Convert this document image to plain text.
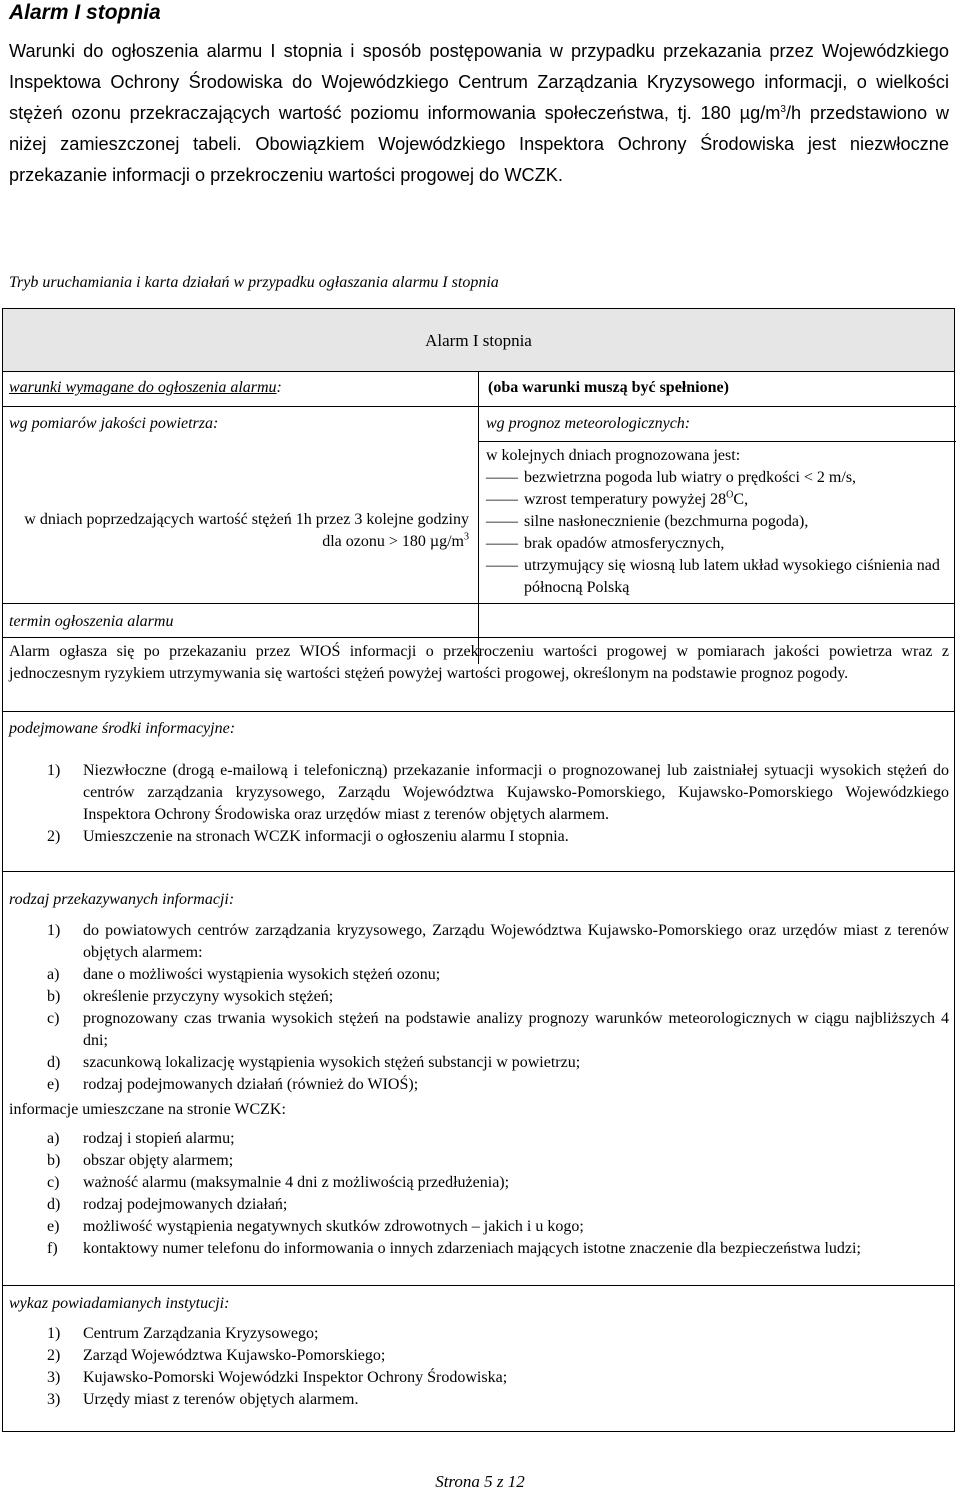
Alarm I stopnia

Warunki do ogłoszenia alarmu I stopnia i sposób postępowania w przypadku przekazania przez Wojewódzkiego Inspektowa Ochrony Środowiska do Wojewódzkiego Centrum Zarządzania Kryzysowego informacji, o wielkości stężeń ozonu przekraczających wartość poziomu informowania społeczeństwa, tj. 180 $\mu g/m^3/h$ przedstawiono w niżej zamieszczonej tabeli. Obowiązkiem Wojewódzkiego Inspektora Ochrony Środowiska jest niezwłoczne przekazanie informacji o przekroczeniu wartości progowej do WCZK.

Tryb uruchamiania i karta działań w przypadku ogłaszania alarmu I stopnia

Alarm I stopnia

warunki wymagane do ogłoszenia alarmu:	(oba warunki muszą być spełnione)

wg pomiarów jakości powietrza:

w dniach poprzedzających wartość stężeń 1h przez 3 kolejne godziny dla ozonu > 180 $\mu g/m^3$

wg prognoz meteorologicznych:

w kolejnych dniach prognozowana jest:

—— bezwietrzna pogoda lub wiatry o prędkości < 2 m/s,
—— wzrost temperatury powyżej $28^OC$,
—— silne nasłonecznienie (bezchmurna pogoda),
—— brak opadów atmosferycznych,
—— utrzymujący się wiosną lub latem układ wysokiego ciśnienia nad północną Polską

termin ogłoszenia alarmu

Alarm ogłasza się po przekazaniu przez WIOŚ informacji o przekroczeniu wartości progowej w pomiarach jakości powietrza wraz z jednoczesnym ryzykiem utrzymywania się wartości stężeń powyżej wartości progowej, określonym na podstawie prognoz pogody.

podejmowane środki informacyjne:

1) Niezwłoczne (drogą e-mailową i telefoniczną) przekazanie informacji o prognozowanej lub zaistniałej sytuacji wysokich stężeń do centrów zarządzania kryzysowego, Zarządu Województwa Kujawsko-Pomorskiego, Kujawsko-Pomorskiego Wojewódzkiego Inspektora Ochrony Środowiska oraz urzędów miast z terenów objętych alarmem.
2) Umieszczenie na stronach WCZK informacji o ogłoszeniu alarmu I stopnia.

rodzaj przekazywanych informacji:

1) do powiatowych centrów zarządzania kryzysowego, Zarządu Województwa Kujawsko-Pomorskiego oraz urzędów miast z terenów objętych alarmem:
a) dane o możliwości wystąpienia wysokich stężeń ozonu;
b) określenie przyczyny wysokich stężeń;
c) prognozowany czas trwania wysokich stężeń na podstawie analizy prognozy warunków meteorologicznych w ciągu najbliższych 4 dni;
d) szacunkową lokalizację wystąpienia wysokich stężeń substancji w powietrzu;
e) rodzaj podejmowanych działań (również do WIOŚ);

informacje umieszczane na stronie WCZK:

a) rodzaj i stopień alarmu;
b) obszar objęty alarmem;
c) ważność alarmu (maksymalnie 4 dni z możliwością przedłużenia);
d) rodzaj podejmowanych działań;
e) możliwość wystąpienia negatywnych skutków zdrowotnych – jakich i u kogo;
f) kontaktowy numer telefonu do informowania o innych zdarzeniach mających istotne znaczenie dla bezpieczeństwa ludzi;

wykaz powiadamianych instytucji:

1) Centrum Zarządzania Kryzysowego;
2) Zarząd Województwa Kujawsko-Pomorskiego;
3) Kujawsko-Pomorski Wojewódzki Inspektor Ochrony Środowiska;
3) Urzędy miast z terenów objętych alarmem.
Strona 5 z 12
